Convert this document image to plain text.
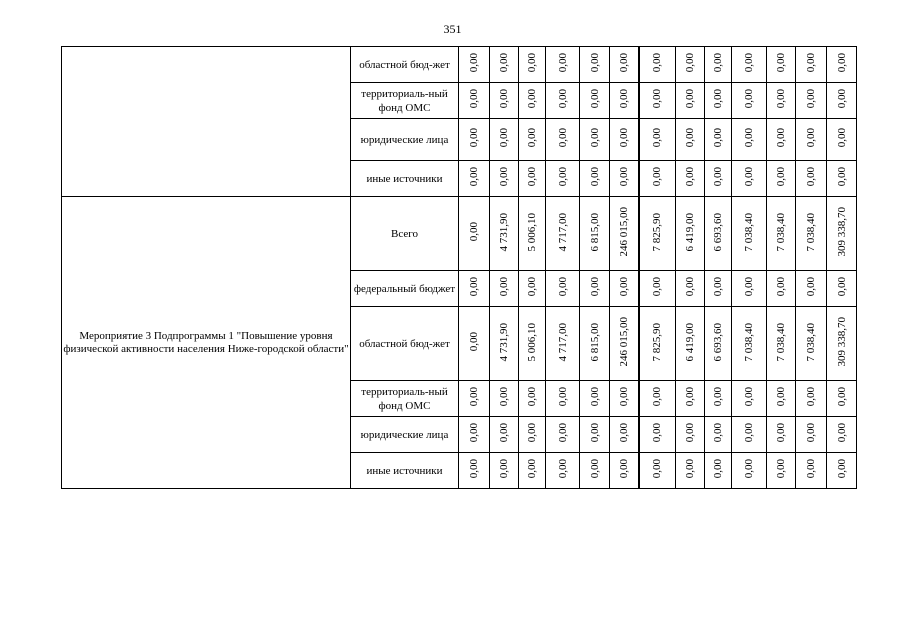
351
	областной бюд-жет	0,00	0,00	0,00	0,00	0,00	0,00	0,00	0,00	0,00	0,00	0,00	0,00	0,00
	территориаль-ный фонд ОМС	0,00	0,00	0,00	0,00	0,00	0,00	0,00	0,00	0,00	0,00	0,00	0,00	0,00
	юридические лица	0,00	0,00	0,00	0,00	0,00	0,00	0,00	0,00	0,00	0,00	0,00	0,00	0,00
	иные источники	0,00	0,00	0,00	0,00	0,00	0,00	0,00	0,00	0,00	0,00	0,00	0,00	0,00
Мероприятие 3 Подпрограммы 1 "Повышение уровня физической активности населения Ниже-городской области"	Всего	0,00	4 731,90	5 006,10	4 717,00	6 815,00	246 015,00	7 825,90	6 419,00	6 693,60	7 038,40	7 038,40	7 038,40	309 338,70
	федеральный бюджет	0,00	0,00	0,00	0,00	0,00	0,00	0,00	0,00	0,00	0,00	0,00	0,00	0,00
	областной бюд-жет	0,00	4 731,90	5 006,10	4 717,00	6 815,00	246 015,00	7 825,90	6 419,00	6 693,60	7 038,40	7 038,40	7 038,40	309 338,70
	территориаль-ный фонд ОМС	0,00	0,00	0,00	0,00	0,00	0,00	0,00	0,00	0,00	0,00	0,00	0,00	0,00
	юридические лица	0,00	0,00	0,00	0,00	0,00	0,00	0,00	0,00	0,00	0,00	0,00	0,00	0,00
	иные источники	0,00	0,00	0,00	0,00	0,00	0,00	0,00	0,00	0,00	0,00	0,00	0,00	0,00
